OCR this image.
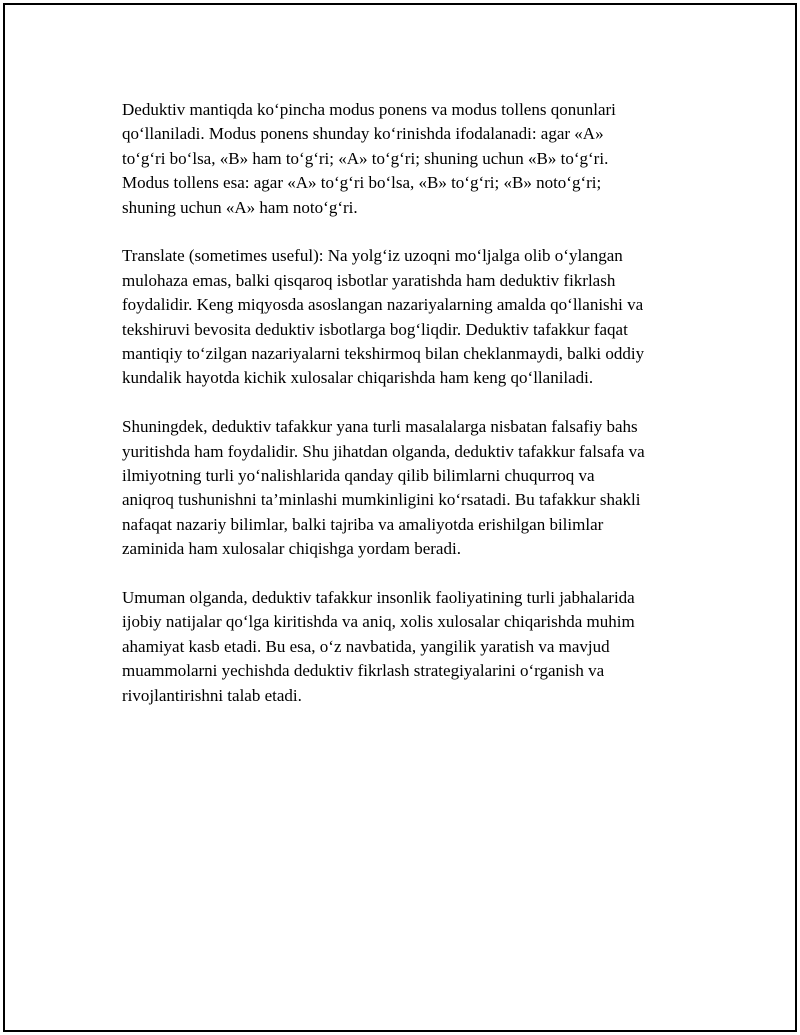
Deduktiv mantiqda ko‘pincha modus ponens va modus tollens qonunlari
qo‘llaniladi. Modus ponens shunday ko‘rinishda ifodalanadi: agar «A»
to‘g‘ri bo‘lsa, «B» ham to‘g‘ri; «A» to‘g‘ri; shuning uchun «B» to‘g‘ri.
Modus tollens esa: agar «A» to‘g‘ri bo‘lsa, «B» to‘g‘ri; «B» noto‘g‘ri;
shuning uchun «A» ham noto‘g‘ri.

Translate (sometimes useful): Na yolg‘iz uzoqni mo‘ljalga olib o‘ylangan
mulohaza emas, balki qisqaroq isbotlar yaratishda ham deduktiv fikrlash
foydalidir. Keng miqyosda asoslangan nazariyalarning amalda qo‘llanishi va
tekshiruvi bevosita deduktiv isbotlarga bog‘liqdir. Deduktiv tafakkur faqat
mantiqiy to‘zilgan nazariyalarni tekshirmoq bilan cheklanmaydi, balki oddiy
kundalik hayotda kichik xulosalar chiqarishda ham keng qo‘llaniladi.

Shuningdek, deduktiv tafakkur yana turli masalalarga nisbatan falsafiy bahs
yuritishda ham foydalidir. Shu jihatdan olganda, deduktiv tafakkur falsafa va
ilmiyotning turli yo‘nalishlarida qanday qilib bilimlarni chuqurroq va
aniqroq tushunishni ta’minlashi mumkinligini ko‘rsatadi. Bu tafakkur shakli
nafaqat nazariy bilimlar, balki tajriba va amaliyotda erishilgan bilimlar
zaminida ham xulosalar chiqishga yordam beradi.

Umuman olganda, deduktiv tafakkur insonlik faoliyatining turli jabhalarida
ijobiy natijalar qo‘lga kiritishda va aniq, xolis xulosalar chiqarishda muhim
ahamiyat kasb etadi. Bu esa, o‘z navbatida, yangilik yaratish va mavjud
muammolarni yechishda deduktiv fikrlash strategiyalarini o‘rganish va
rivojlantirishni talab etadi.
